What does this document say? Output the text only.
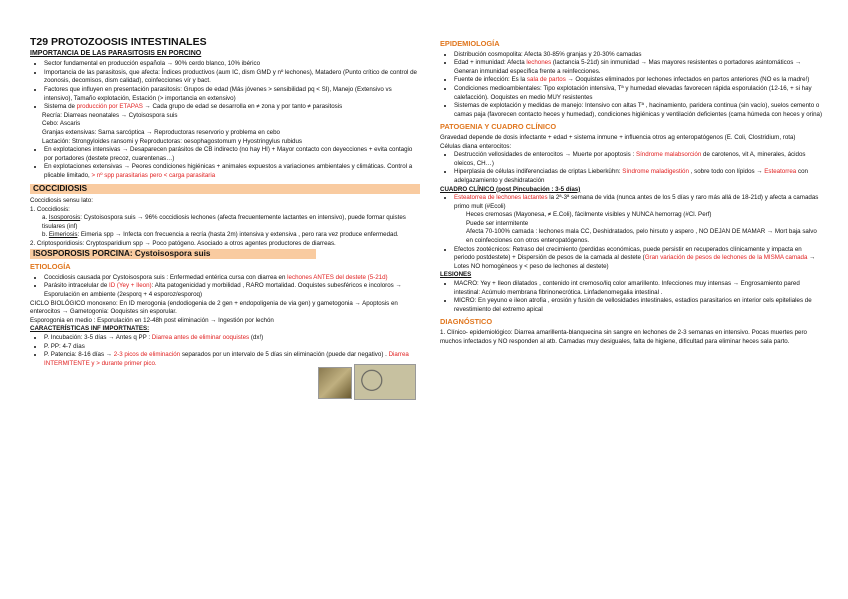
T29 PROTOZOOSIS INTESTINALES
IMPORTANCIA DE LAS PARASITOSIS EN PORCINO
• Sector fundamental en producción española → 90% cerdo blanco, 10% ibérico
• Importancia de las parasitosis, que afecta: Índices productivos (aum IC, dism GMD y nº lechones), Matadero (Punto crítico de control de zoonosis, decomisos, dism calidad), coinfecciones vír y bact.
• Factores que influyen en presentación parasitosis: Grupos de edad (Más jóvenes > sensibilidad pq < SI), Manejo (Extensivo vs intensivo), Tamaño explotación, Estación (> importancia en extensivo)
• Sistema de producción por ETAPAS → Cada grupo de edad se desarrolla en ≠ zona y por tanto ≠ parasitosis
Recría: Diarreas neonatales → Cytoisospora suis
Cebo: Ascaris
Granjas extensivas: Sarna sarcóptica → Reproductoras reservorio y problema en cebo
Lactación: Strongyloides ransomi y Reproductoras: oesophagostomum y Hyostringylus rubidus
• En explotaciones intensivas → Desaparecen parásitos de CB indirecto (no hay HI) + Mayor contacto con deyecciones + evita contagio por portadores (destete precoz, cuarentenas…)
• En explotaciones extensivas → Peores condiciones higiénicas + animales expuestos a variaciones ambientales y climáticas. Control a plicable limitado, > nº spp parasitarias pero < carga parasitaria
COCCIDIOSIS
Coccidiosis sensu lato:
1. Coccidiosis:
a. Isosporosis: Cystoisospora suis → 96% coccidiosis lechones (afecta frecuentemente lactantes en intensivo), puede formar quistes tisulares (inf)
b. Eimeriosis: Eimeria spp → Infecta con frecuencia a recría (hasta 2m) intensiva y extensiva , pero rara vez produce enfermedad.
2. Criptosporidiosis: Cryptosparidium spp → Poco patógeno. Asociado a otros agentes productores de diarreas.
ISOSPOROSIS PORCINA: Cystoisospora suis
ETIOLOGÍA
• Coccidiosis causada por Cystoisospora suis : Enfermedad entérica cursa con diarrea en lechones ANTES del destete (5-21d)
• Parásito intracelular de ID (Yey + Ileon): Alta patogenicidad y morbilidad , RARO mortalidad. Ooquistes subesféricos e incoloros → Esporulación en ambiente (2esporq + 4 esporoz/esporoq)
CICLO BIOLÓGICO monoxeno: En ID merogonia (endodiogenia de 2 gen + endopoligenia de via gen) y gametogonia → Apoptosis en enterocitos → Gametogonia: Ooquistes sin esporular.
Esporogonia en medio : Esporulación en 12-48h post eliminación → Ingestión por lechón
CARACTERÍSTICAS INF IMPORTNATES:
• P. Incubación: 3-5 días → Antes q PP : Diarrea antes de eliminar ooquistes (dx!)
• P. PP: 4-7 días
• P. Patencia: 8-16 días → 2-3 picos de eliminación separados por un intervalo de 5 días sin eliminación (puede dar negativo) . Diarrea INTERMITENTE y > durante primer pico.
EPIDEMIOLOGÍA
• Distribución cosmopolita: Afecta 30-85% granjas y 20-30% camadas
• Edad + inmunidad: Afecta lechones (lactancia 5-21d) sin inmunidad → Mas mayores resistentes o portadores asintomáticos → Generan inmunidad específica frente a reinfecciones.
• Fuente de infección: Es la sala de partos → Ooquistes eliminados por lechones infectados en partos anteriores (NO es la madre!)
• Condiciones medioambientales: Tipo explotación intensiva, Tª y humedad elevadas favorecen rápida esporulación (12-16, + si hay calefacción). Ooquistes en medio MUY resistentes
• Sistemas de explotación y medidas de manejo: Intensivo con altas Tª , hacinamiento, paridera continua (sin vacío), suelos cemento o camas paja (favorecen contacto heces y humedad), condiciones higiénicas y ventilación deficientes (cama húmeda con heces y orina)
PATOGENIA Y CUADRO CLÍNICO
Gravedad depende de dosis infectante + edad + sistema inmune + influencia otros ag enteropatógenos (E. Coli, Clostridium, rota)
Células diana enterocitos:
• Destrucción vellosidades de enterocitos → Muerte por apoptosis : Síndrome malabsorción de carotenos, vit A, minerales, ácidos oleicos, CH…)
• Hiperplasia de células indiferenciadas de criptas Lieberkühn: Síndrome maladigestión , sobre todo con lípidos → Esteatorrea con adelgazamiento y deshidratación
CUADRO CLÍNICO (post Pincubación : 3-5 días)
• Esteatorrea de lechones lactantes la 2ª-3ª semana de vida (nunca antes de los 5 días y raro más allá de 18-21d) y afecta a camadas primo mult (#Ecoli)
Heces cremosas (Mayonesa, ≠ E.Coli), fácilmente visibles y NUNCA hemorrag (#Cl. Perf)
Puede ser intermitente
Afecta 70-100% camada : lechones mala CC, Deshidratados, pelo hirsuto y aspero , NO DEJAN DE MAMAR → Mort baja salvo en coinfecciones con otros enteropatógenos.
• Efectos zootécnicos: Retraso del crecimiento (perdidas económicas, puede persistir en recuperados clínicamente y impacta en periodo postdestete) + Dispersión de pesos de la camada al destete (Gran variación de pesos de lechones de la MISMA camada → Lotes NO homogéneos y < peso de lechones al destete)
LESIONES
• MACRO: Yey + Ileon dilatados , contenido int cremoso/liq color amarillento. Infecciones muy intensas → Engrosamiento pared intestinal: Acúmulo membrana fibrinonecrótica. Linfadenomegalia intestinal .
• MICRO: En yeyuno e ileon atrofia , erosión y fusión de vellosidades intestinales, estadios parasitarios en interior cels epiteliales de revestimiento del extremo apical
DIAGNÓSTICO
1. Clínico- epidemiológico: Diarrea amarillenta-blanquecina sin sangre en lechones de 2-3 semanas en intensivo. Pocas muertes pero muchos infectados y NO responden al atb. Camadas muy desiguales, falta de higiene, dificultad para eliminar heces sala parto.
